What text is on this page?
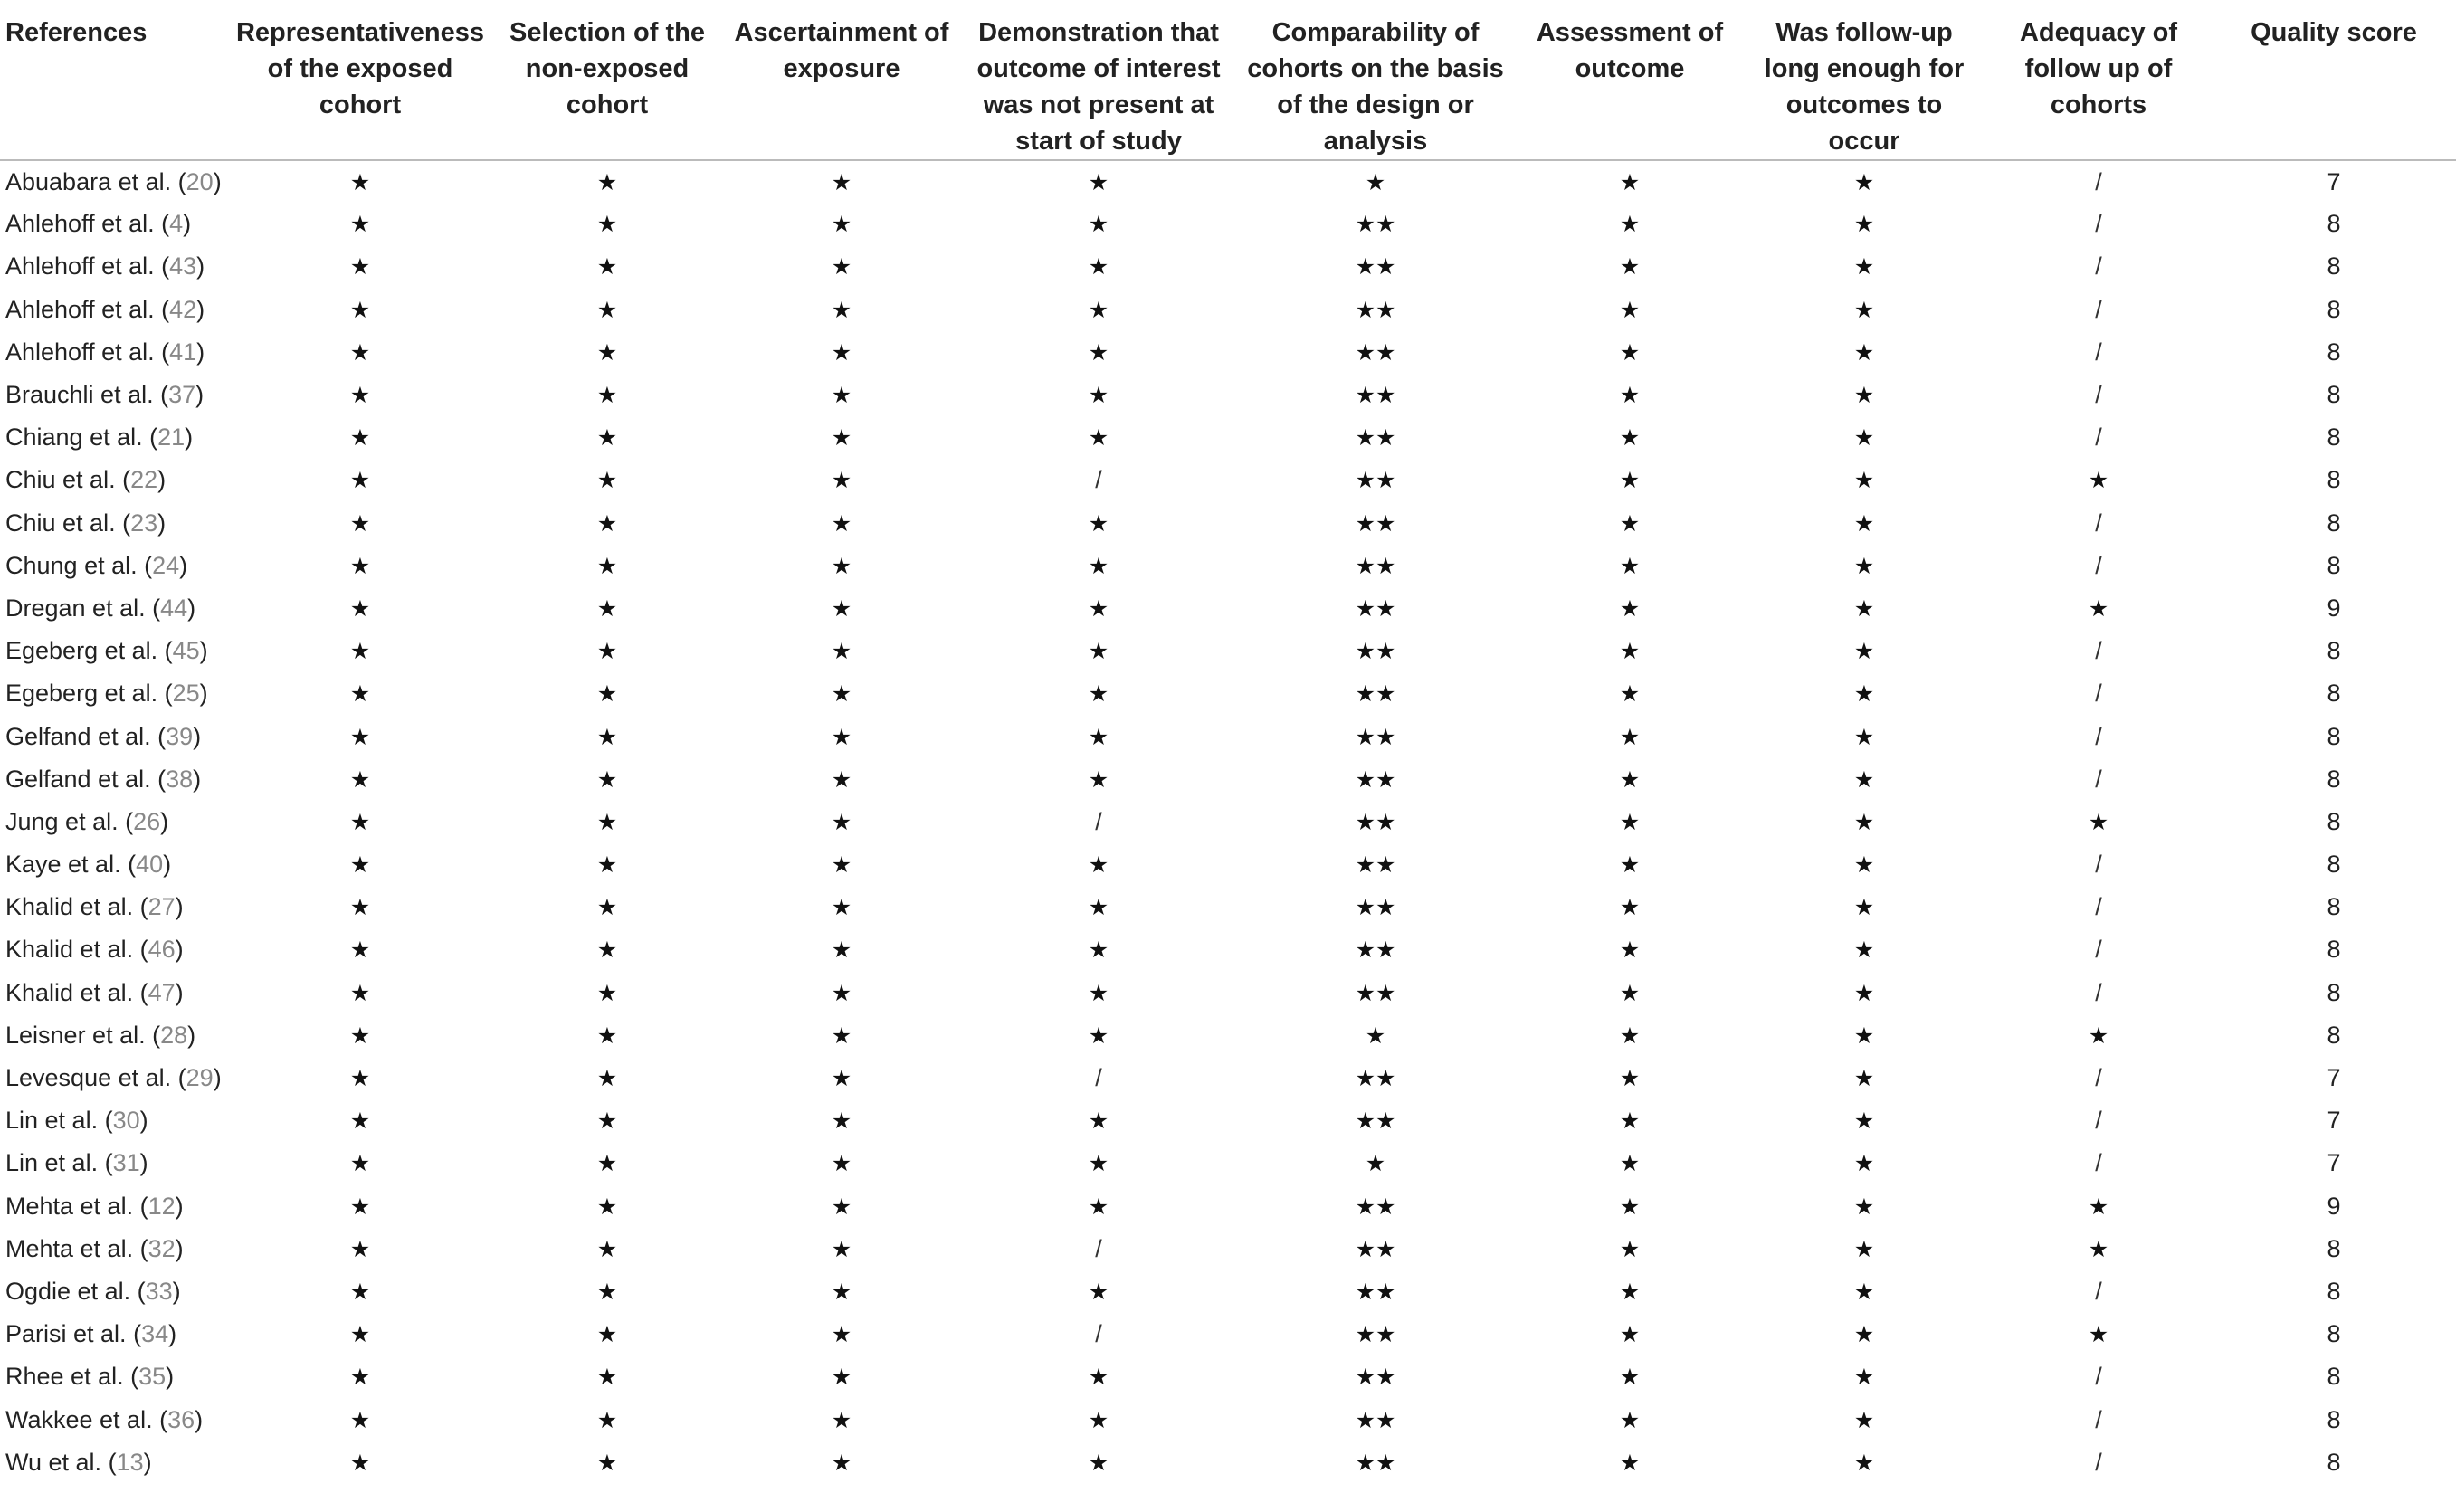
References	Representativeness of the exposed cohort	Selection of the non-exposed cohort	Ascertainment of exposure	Demonstration that outcome of interest was not present at start of study	Comparability of cohorts on the basis of the design or analysis	Assessment of outcome	Was follow-up long enough for outcomes to occur	Adequacy of follow up of cohorts	Quality score
Abuabara et al. (20)	★	★	★	★	★	★	★	/	7
Ahlehoff et al. (4)	★	★	★	★	★★	★	★	/	8
Ahlehoff et al. (43)	★	★	★	★	★★	★	★	/	8
Ahlehoff et al. (42)	★	★	★	★	★★	★	★	/	8
Ahlehoff et al. (41)	★	★	★	★	★★	★	★	/	8
Brauchli et al. (37)	★	★	★	★	★★	★	★	/	8
Chiang et al. (21)	★	★	★	★	★★	★	★	/	8
Chiu et al. (22)	★	★	★	/	★★	★	★	★	8
Chiu et al. (23)	★	★	★	★	★★	★	★	/	8
Chung et al. (24)	★	★	★	★	★★	★	★	/	8
Dregan et al. (44)	★	★	★	★	★★	★	★	★	9
Egeberg et al. (45)	★	★	★	★	★★	★	★	/	8
Egeberg et al. (25)	★	★	★	★	★★	★	★	/	8
Gelfand et al. (39)	★	★	★	★	★★	★	★	/	8
Gelfand et al. (38)	★	★	★	★	★★	★	★	/	8
Jung et al. (26)	★	★	★	/	★★	★	★	★	8
Kaye et al. (40)	★	★	★	★	★★	★	★	/	8
Khalid et al. (27)	★	★	★	★	★★	★	★	/	8
Khalid et al. (46)	★	★	★	★	★★	★	★	/	8
Khalid et al. (47)	★	★	★	★	★★	★	★	/	8
Leisner et al. (28)	★	★	★	★	★	★	★	★	8
Levesque et al. (29)	★	★	★	/	★★	★	★	/	7
Lin et al. (30)	★	★	★	★	★★	★	★	/	7
Lin et al. (31)	★	★	★	★	★	★	★	/	7
Mehta et al. (12)	★	★	★	★	★★	★	★	★	9
Mehta et al. (32)	★	★	★	/	★★	★	★	★	8
Ogdie et al. (33)	★	★	★	★	★★	★	★	/	8
Parisi et al. (34)	★	★	★	/	★★	★	★	★	8
Rhee et al. (35)	★	★	★	★	★★	★	★	/	8
Wakkee et al. (36)	★	★	★	★	★★	★	★	/	8
Wu et al. (13)	★	★	★	★	★★	★	★	/	8
